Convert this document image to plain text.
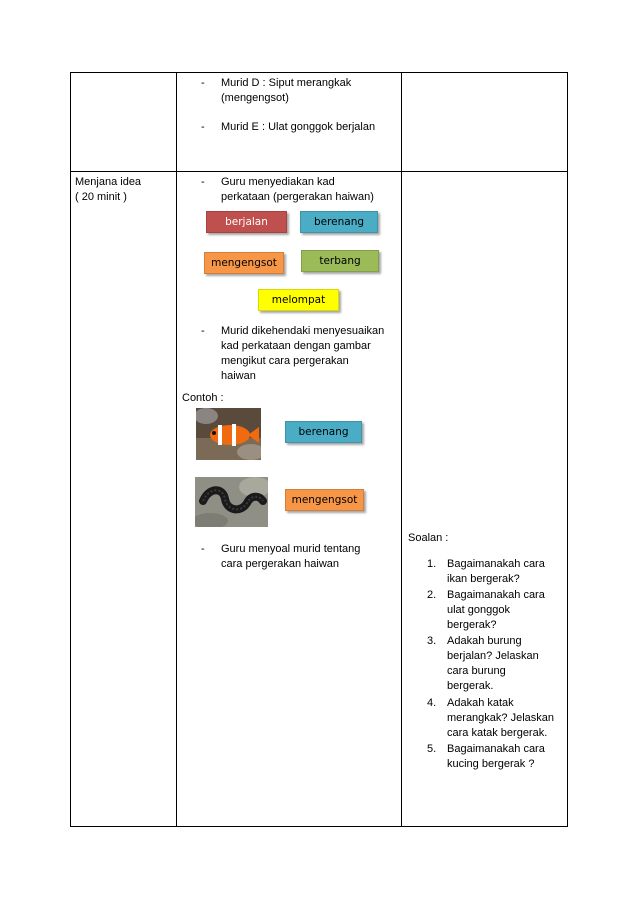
- Murid D : Siput merangkak
(mengengsot)
- Murid E : Ulat gonggok berjalan
Menjana idea
( 20 minit )
- Guru menyediakan kad
perkataan (pergerakan haiwan)
berjalan	berenang
mengengsot	terbang
melompat
- Murid dikehendaki menyesuaikan
kad perkataan dengan gambar
mengikut cara pergerakan
haiwan
Contoh :
berenang
mengengsot
- Guru menyoal murid tentang
cara pergerakan haiwan
Soalan :
1. Bagaimanakah cara
ikan bergerak?
2. Bagaimanakah cara
ulat gonggok
bergerak?
3. Adakah burung
berjalan? Jelaskan
cara burung
bergerak.
4. Adakah katak
merangkak? Jelaskan
cara katak bergerak.
5. Bagaimanakah cara
kucing bergerak ?
